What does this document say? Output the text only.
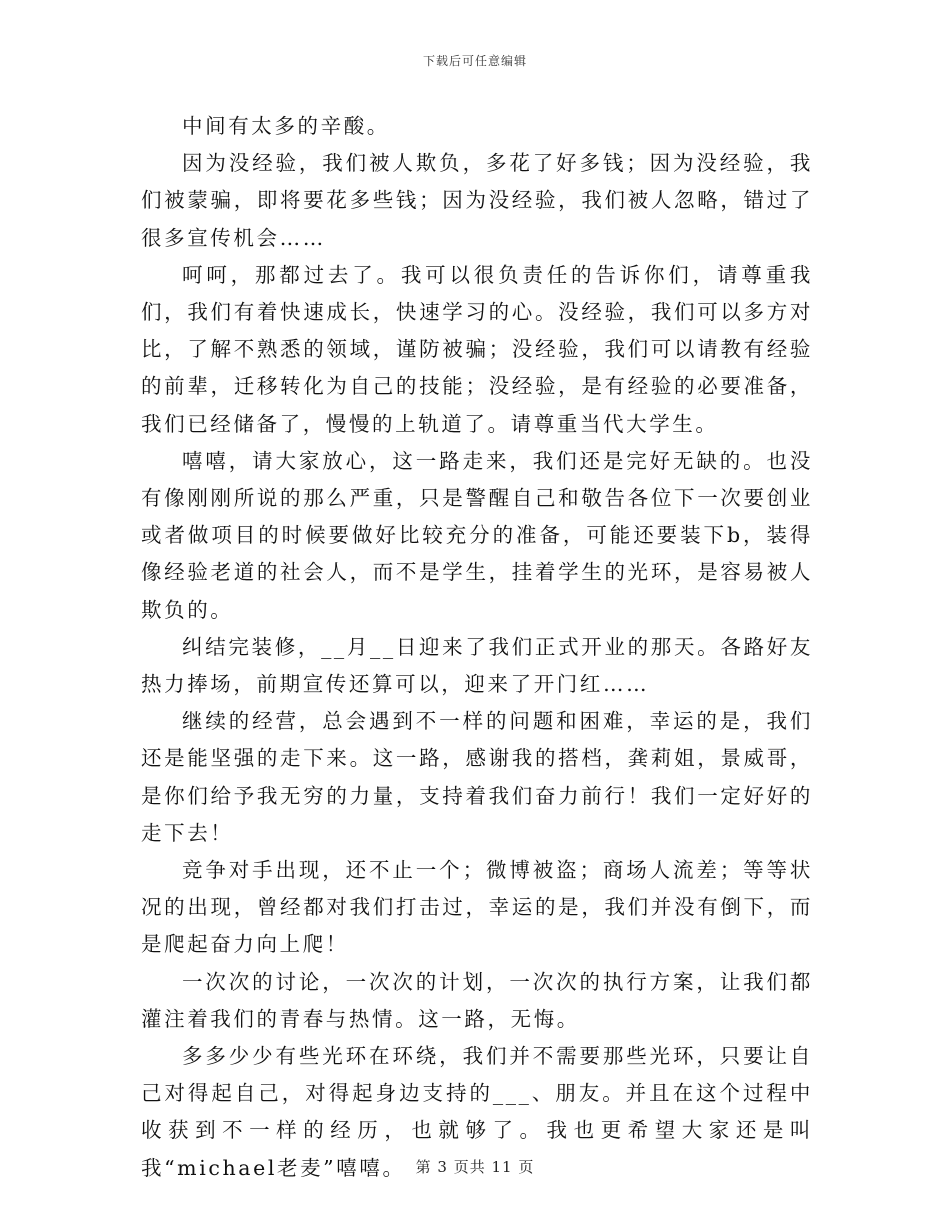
下载后可任意编辑

中间有太多的辛酸。

因为没经验，我们被人欺负，多花了好多钱；因为没经验，我们被蒙骗，即将要花多些钱；因为没经验，我们被人忽略，错过了很多宣传机会……

呵呵，那都过去了。我可以很负责任的告诉你们，请尊重我们，我们有着快速成长，快速学习的心。没经验，我们可以多方对比，了解不熟悉的领域，谨防被骗；没经验，我们可以请教有经验的前辈，迁移转化为自己的技能；没经验，是有经验的必要准备，我们已经储备了，慢慢的上轨道了。请尊重当代大学生。

嘻嘻，请大家放心，这一路走来，我们还是完好无缺的。也没有像刚刚所说的那么严重，只是警醒自己和敬告各位下一次要创业或者做项目的时候要做好比较充分的准备，可能还要装下b，装得像经验老道的社会人，而不是学生，挂着学生的光环，是容易被人欺负的。

纠结完装修，__月__日迎来了我们正式开业的那天。各路好友热力捧场，前期宣传还算可以，迎来了开门红……

继续的经营，总会遇到不一样的问题和困难，幸运的是，我们还是能坚强的走下来。这一路，感谢我的搭档，龚莉姐，景威哥，是你们给予我无穷的力量，支持着我们奋力前行！我们一定好好的走下去！

竞争对手出现，还不止一个；微博被盗；商场人流差；等等状况的出现，曾经都对我们打击过，幸运的是，我们并没有倒下，而是爬起奋力向上爬！

一次次的讨论，一次次的计划，一次次的执行方案，让我们都灌注着我们的青春与热情。这一路，无悔。

多多少少有些光环在环绕，我们并不需要那些光环，只要让自己对得起自己，对得起身边支持的___、朋友。并且在这个过程中收获到不一样的经历，也就够了。我也更希望大家还是叫我“michael老麦”嘻嘻。 第 3 页共 11 页
